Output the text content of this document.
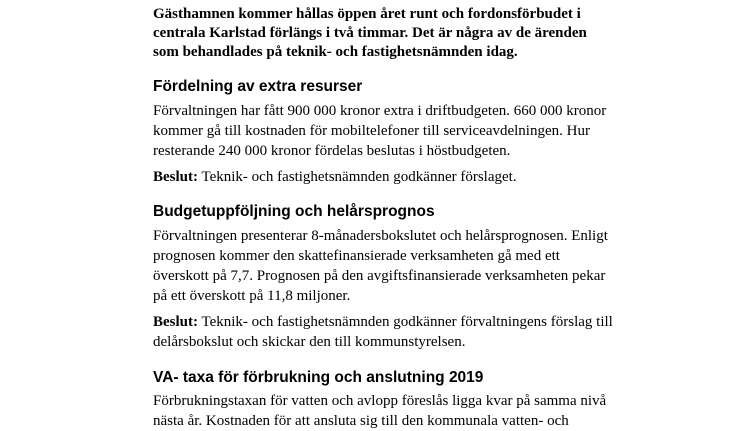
Gästhamnen kommer hållas öppen året runt och fordonsförbudet i
centrala Karlstad förlängs i två timmar. Det är några av de ärenden
som behandlades på teknik- och fastighetsnämnden idag.

Fördelning av extra resurser

Förvaltningen har fått 900 000 kronor extra i driftbudgeten. 660 000 kronor
kommer gå till kostnaden för mobiltelefoner till serviceavdelningen. Hur
resterande 240 000 kronor fördelas beslutas i höstbudgeten.

Beslut: Teknik- och fastighetsnämnden godkänner förslaget.

Budgetuppföljning och helårsprognos

Förvaltningen presenterar 8-månadersbokslutet och helårsprognosen. Enligt
prognosen kommer den skattefinansierade verksamheten gå med ett
överskott på 7,7. Prognosen på den avgiftsfinansierade verksamheten pekar
på ett överskott på 11,8 miljoner.

Beslut: Teknik- och fastighetsnämnden godkänner förvaltningens förslag till
delårsbokslut och skickar den till kommunstyrelsen.

VA- taxa för förbrukning och anslutning 2019

Förbrukningstaxan för vatten och avlopp föreslås ligga kvar på samma nivå
nästa år. Kostnaden för att ansluta sig till den kommunala vatten- och
